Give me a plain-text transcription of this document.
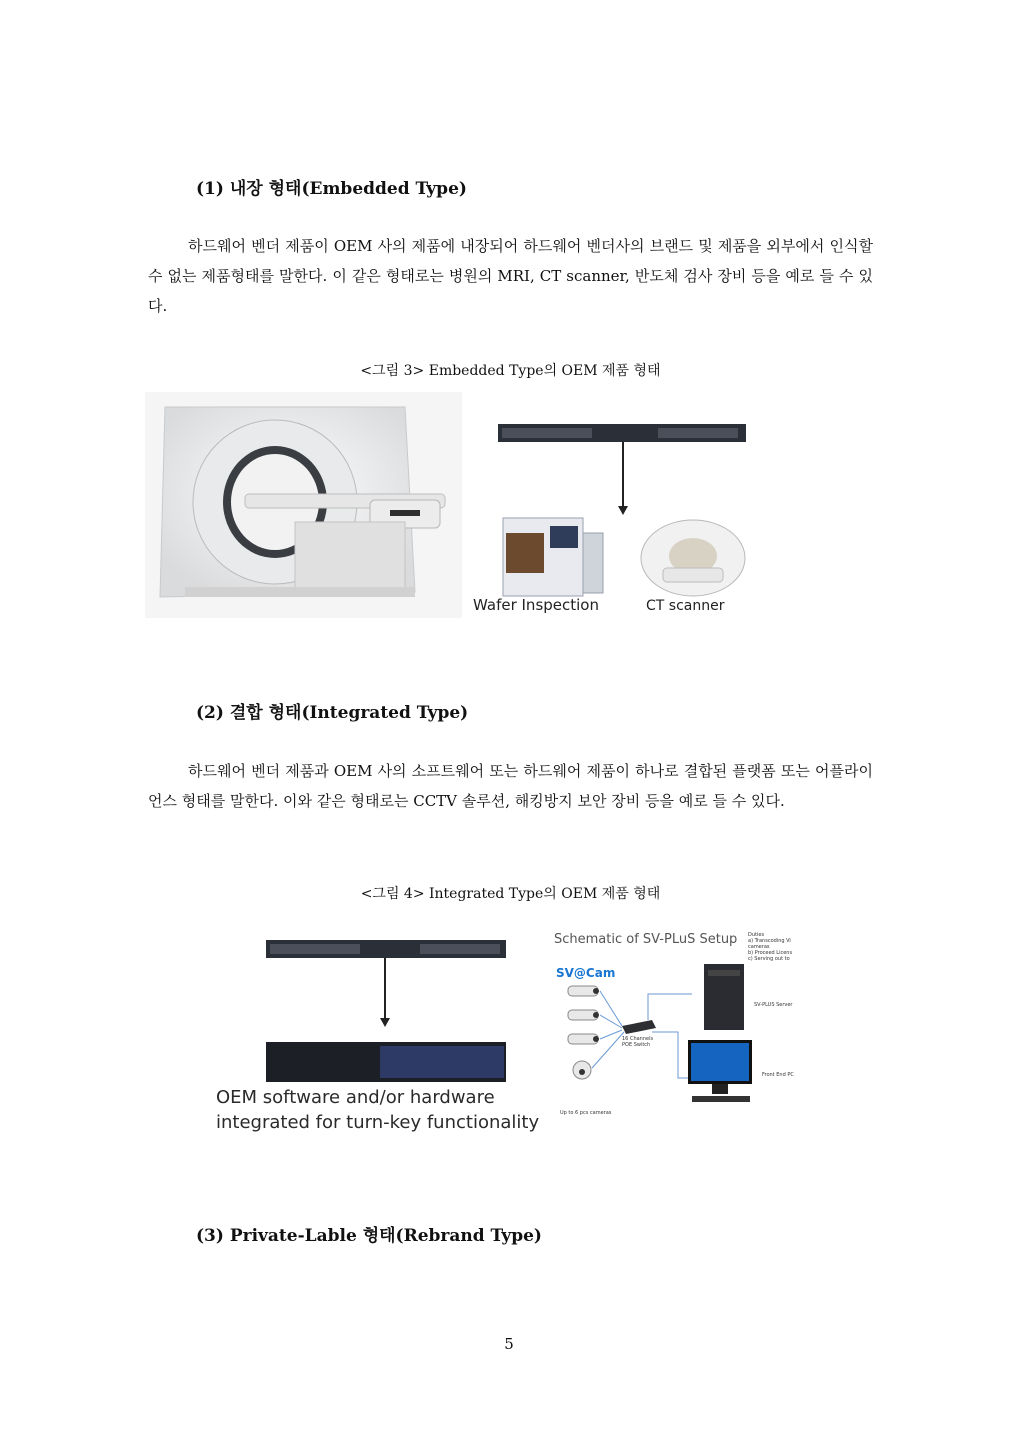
(1) 내장 형태(Embedded Type)
하드웨어 벤더 제품이 OEM 사의 제품에 내장되어 하드웨어 벤더사의 브랜드 및 제품을 외부에서 인식할 수 없는 제품형태를 말한다. 이 같은 형태로는 병원의 MRI, CT scanner, 반도체 검사 장비 등을 예로 들 수 있다.
<그림 3> Embedded Type의 OEM 제품 형태
Wafer Inspection	CT scanner
(2) 결합 형태(Integrated Type)
하드웨어 벤더 제품과 OEM 사의 소프트웨어 또는 하드웨어 제품이 하나로 결합된 플랫폼 또는 어플라이언스 형태를 말한다. 이와 같은 형태로는 CCTV 솔루션, 해킹방지 보안 장비 등을 예로 들 수 있다.
<그림 4> Integrated Type의 OEM 제품 형태
OEM software and/or hardware
integrated for turn-key functionality
Schematic of SV-PLuS Setup
SV@Cam
Duties
a) Transcoding Vi
cameras
b) Proceed Licens
c) Serving out to
16 Channels
POE Switch
SV-PLUS Server
Front End PC
Up to 6 pcs cameras
(3) Private-Lable 형태(Rebrand Type)
5
